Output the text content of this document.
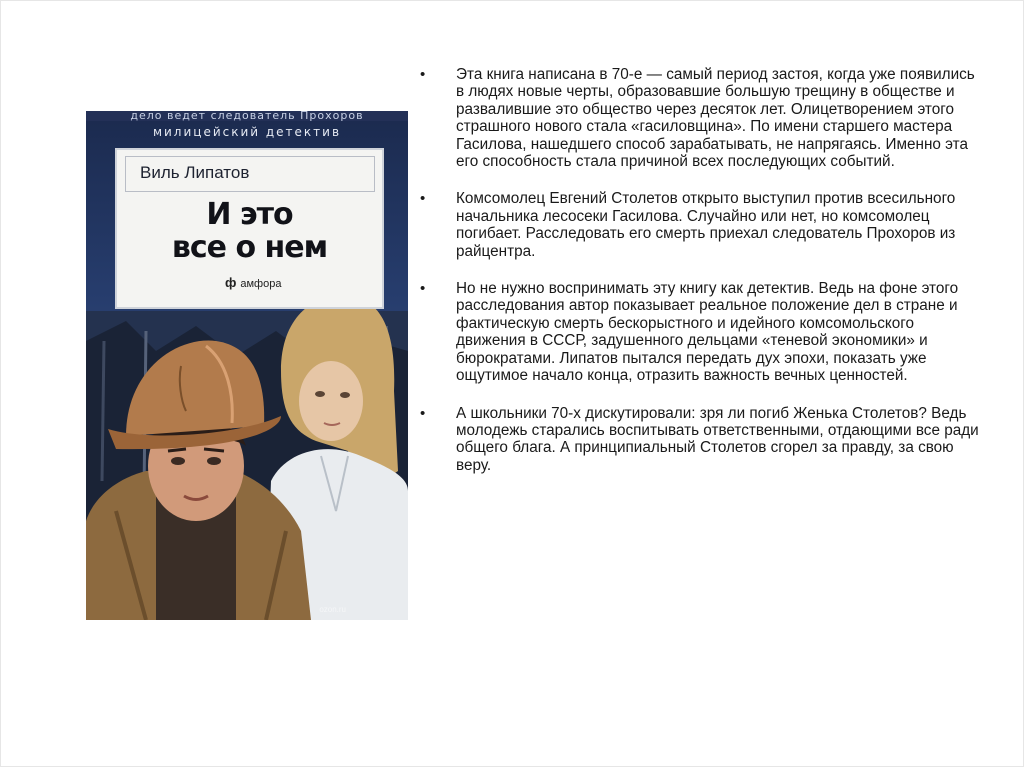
дело ведет следователь Прохоров
милицейский детектив
Виль Липатов
И это
все о нем
ф амфора
ozon.ru
• Эта книга написана в 70-е — самый период застоя, когда уже появились в людях новые черты, образовавшие большую трещину в обществе и развалившие это общество через десяток лет. Олицетворением этого страшного нового стала «гасиловщина». По имени старшего мастера Гасилова, нашедшего способ зарабатывать, не напрягаясь. Именно эта его способность стала причиной всех последующих событий.
• Комсомолец Евгений Столетов открыто выступил против всесильного начальника лесосеки Гасилова. Случайно или нет, но комсомолец погибает. Расследовать его смерть приехал следователь Прохоров из райцентра.
• Но не нужно воспринимать эту книгу как детектив. Ведь на фоне этого расследования автор показывает реальное положение дел в стране и фактическую смерть бескорыстного и идейного комсомольского движения в СССР, задушенного дельцами «теневой экономики» и бюрократами. Липатов пытался передать дух эпохи, показать уже ощутимое начало конца, отразить важность вечных ценностей.
• А школьники 70-х дискутировали: зря ли погиб Женька Столетов? Ведь молодежь старались воспитывать ответственными, отдающими все ради общего блага. А принципиальный Столетов сгорел за правду, за свою веру.
